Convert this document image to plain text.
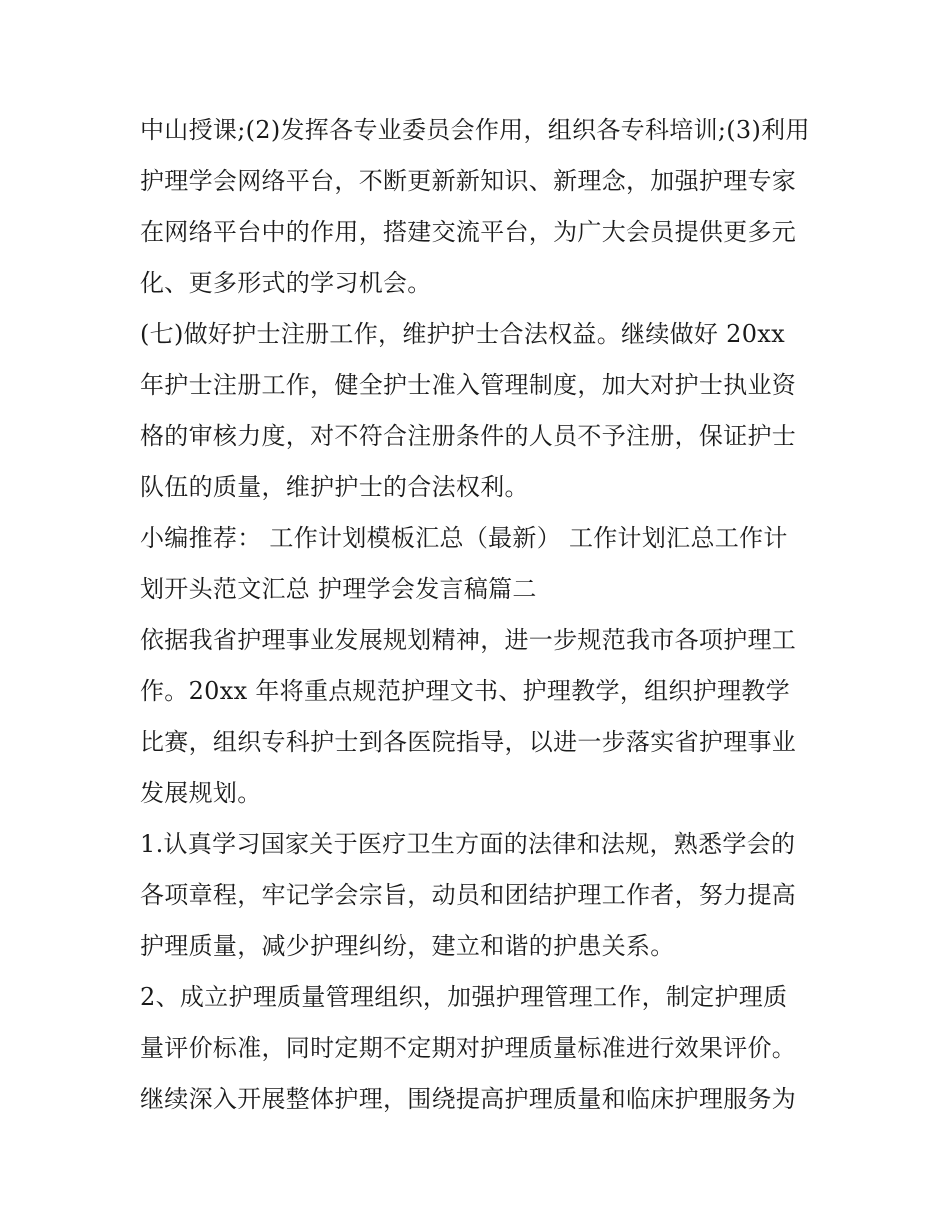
中山授课;(2)发挥各专业委员会作用，组织各专科培训;(3)利用
护理学会网络平台，不断更新新知识、新理念，加强护理专家
在网络平台中的作用，搭建交流平台，为广大会员提供更多元
化、更多形式的学习机会。
(七)做好护士注册工作，维护护士合法权益。继续做好 20xx
年护士注册工作，健全护士准入管理制度，加大对护士执业资
格的审核力度，对不符合注册条件的人员不予注册，保证护士
队伍的质量，维护护士的合法权利。
小编推荐： 工作计划模板汇总（最新） 工作计划汇总工作计
划开头范文汇总 护理学会发言稿篇二
依据我省护理事业发展规划精神，进一步规范我市各项护理工
作。20xx 年将重点规范护理文书、护理教学，组织护理教学
比赛，组织专科护士到各医院指导，以进一步落实省护理事业
发展规划。
1.认真学习国家关于医疗卫生方面的法律和法规，熟悉学会的
各项章程，牢记学会宗旨，动员和团结护理工作者，努力提高
护理质量，减少护理纠纷，建立和谐的护患关系。
2、成立护理质量管理组织，加强护理管理工作，制定护理质
量评价标准，同时定期不定期对护理质量标准进行效果评价。
继续深入开展整体护理，围绕提高护理质量和临床护理服务为
